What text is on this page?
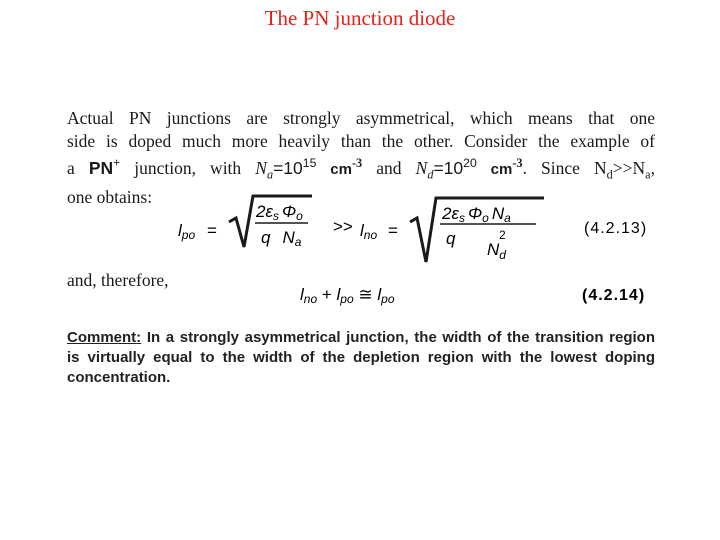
The PN junction diode
Actual PN junctions are strongly asymmetrical, which means that one
side is doped much more heavily than the other. Consider the example of
a PN+ junction, with $N_a=10^{15}$ $cm^{-3}$ and $N_d=10^{20}$ $cm^{-3}$. Since $N_d>>N_a$,
one obtains:
lpo =
2εs Φo
q Na
>> lno =
2εs Φo Na
q	2
$N_d$
(4.2.13)
lno + lpo ≅ lpo	(4.2.14)
and, therefore,
Comment: In a strongly asymmetrical junction, the width of the transition region is virtually equal to the width of the depletion region with the lowest doping concentration.
